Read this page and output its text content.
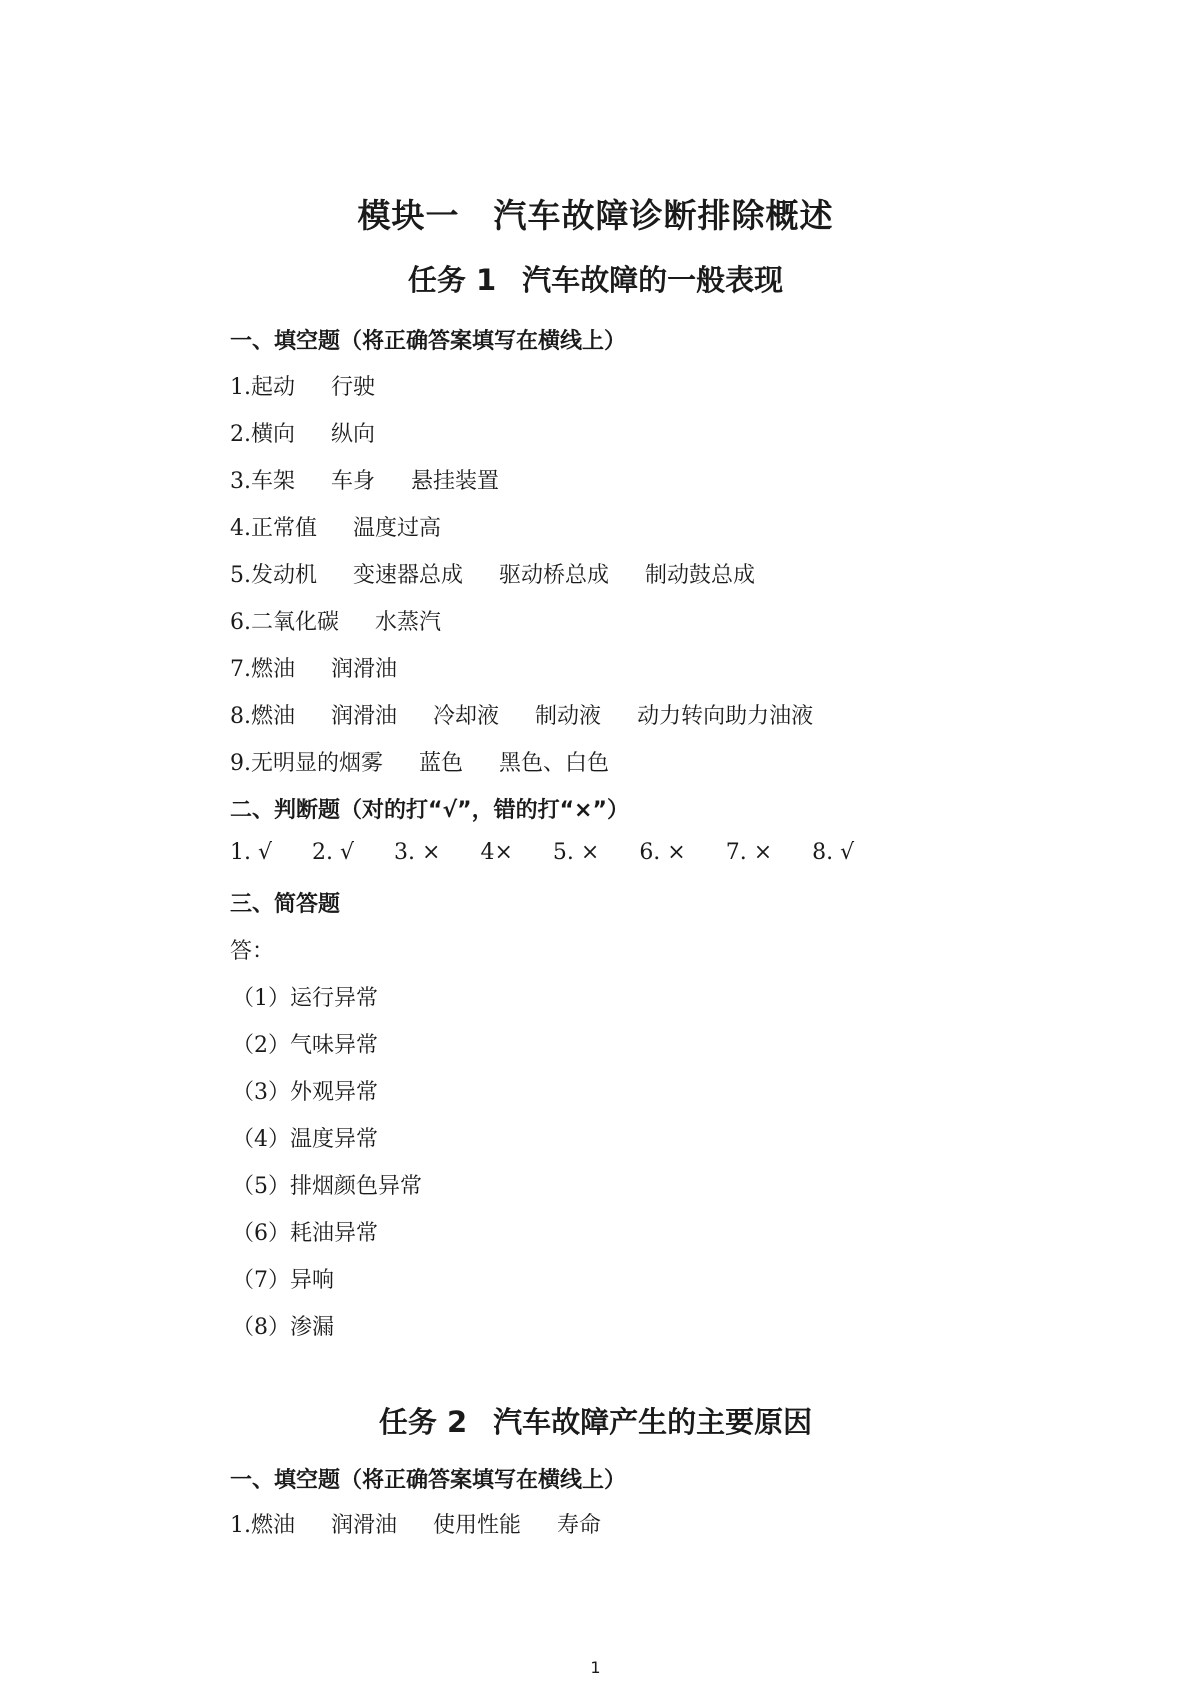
模块一　汽车故障诊断排除概述
任务 1 汽车故障的一般表现
一、填空题（将正确答案填写在横线上）
1.起动 行驶
2.横向 纵向
3.车架 车身 悬挂装置
4.正常值 温度过高
5.发动机 变速器总成 驱动桥总成 制动鼓总成
6.二氧化碳 水蒸汽
7.燃油 润滑油
8.燃油 润滑油 冷却液 制动液 动力转向助力油液
9.无明显的烟雾 蓝色 黑色、白色
二、判断题（对的打“√”，错的打“×”）
1. √ 2. √ 3. × 4× 5. × 6. × 7. × 8. √
三、简答题
答：
（1）运行异常
（2）气味异常
（3）外观异常
（4）温度异常
（5）排烟颜色异常
（6）耗油异常
（7）异响
（8）渗漏
任务 2 汽车故障产生的主要原因
一、填空题（将正确答案填写在横线上）
1.燃油 润滑油 使用性能 寿命
1
